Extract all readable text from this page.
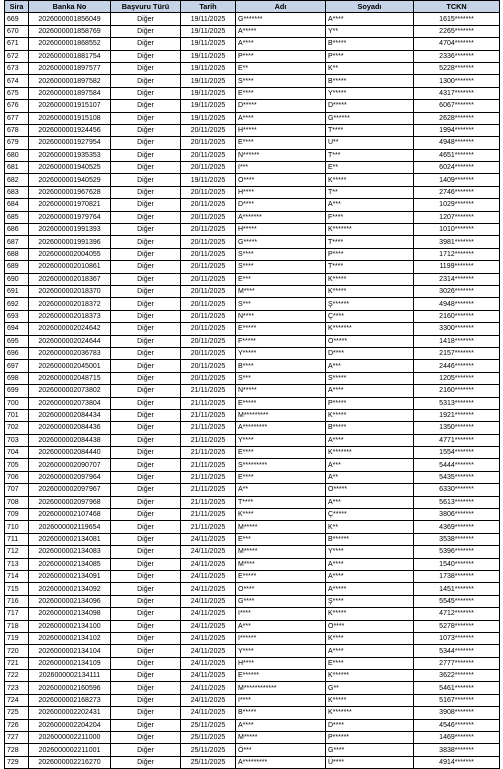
Sira	Banka No	Başvuru Türü	Tarih	Adı	Soyadı	TCKN
669	2026000001856049	Diğer	19/11/2025	G*******	A****	1615*******
670	2026000001858769	Diğer	19/11/2025	A*****	Y**	2265*******
671	2026000001868552	Diğer	19/11/2025	A****	B*****	4704*******
672	2026000001881754	Diğer	19/11/2025	P****	P****	2336*******
673	2026000001897577	Diğer	19/11/2025	E**	K**	5228*******
674	2026000001897582	Diğer	19/11/2025	S****	B*****	1300*******
675	2026000001897584	Diğer	19/11/2025	E****	Y*****	4317*******
676	2026000001915107	Diğer	19/11/2025	D*****	D*****	6067*******
677	2026000001915108	Diğer	19/11/2025	A****	G******	2628*******
678	2026000001924456	Diğer	20/11/2025	H*****	T****	1994*******
679	2026000001927954	Diğer	20/11/2025	E****	U**	4948*******
680	2026000001935353	Diğer	20/11/2025	N******	T***	4651*******
681	2026000001940525	Diğer	20/11/2025	I***	E**	6024*******
682	2026000001940529	Diğer	19/11/2025	O****	K*****	1409*******
683	2026000001967628	Diğer	20/11/2025	H****	T**	2746*******
684	2026000001970821	Diğer	20/11/2025	D****	A***	1029*******
685	2026000001979764	Diğer	20/11/2025	A*******	F****	1207*******
686	2026000001991393	Diğer	20/11/2025	H*****	K*******	1010*******
687	2026000001991396	Diğer	20/11/2025	G*****	T****	3981*******
688	2026000002004055	Diğer	20/11/2025	S****	P****	1712*******
689	2026000002010861	Diğer	20/11/2025	S****	T****	1199*******
690	2026000002018367	Diğer	20/11/2025	E***	K*****	2314*******
691	2026000002018370	Diğer	20/11/2025	M****	K*****	3026*******
692	2026000002018372	Diğer	20/11/2025	S***	Ş******	4948*******
693	2026000002018373	Diğer	20/11/2025	N****	Ç****	2160*******
694	2026000002024642	Diğer	20/11/2025	E*****	K*******	3300*******
695	2026000002024644	Diğer	20/11/2025	F*****	O*****	1418*******
696	2026000002036783	Diğer	20/11/2025	Y*****	D****	2157*******
697	2026000002045001	Diğer	20/11/2025	B****	A***	2446*******
698	2026000002048715	Diğer	20/11/2025	S***	S*****	1205*******
699	2026000002073802	Diğer	21/11/2025	N*****	A****	2160*******
700	2026000002073804	Diğer	21/11/2025	E*****	P*****	5313*******
701	2026000002084434	Diğer	21/11/2025	M*********	K*****	1921*******
702	2026000002084436	Diğer	21/11/2025	A*********	B*****	1350*******
703	2026000002084438	Diğer	21/11/2025	Y****	A****	4771*******
704	2026000002084440	Diğer	21/11/2025	E****	K*******	1554*******
705	2026000002090707	Diğer	21/11/2025	S*********	A***	5444*******
706	2026000002097964	Diğer	21/11/2025	E****	A**	5435*******
707	2026000002097967	Diğer	21/11/2025	A**	O*****	6330*******
708	2026000002097968	Diğer	21/11/2025	T****	A***	5613*******
709	2026000002107468	Diğer	21/11/2025	K****	Ç*****	3806*******
710	2026000002119654	Diğer	21/11/2025	M*****	K**	4369*******
711	2026000002134081	Diğer	24/11/2025	E***	B******	3538*******
712	2026000002134083	Diğer	24/11/2025	M*****	Y****	5396*******
713	2026000002134085	Diğer	24/11/2025	M****	A****	1540*******
714	2026000002134091	Diğer	24/11/2025	E*****	A****	1738*******
715	2026000002134092	Diğer	24/11/2025	O****	A*****	1451*******
716	2026000002134096	Diğer	24/11/2025	G****	Ş****	5545*******
717	2026000002134098	Diğer	24/11/2025	I****	K*****	4712*******
718	2026000002134100	Diğer	24/11/2025	A***	O****	5278*******
719	2026000002134102	Diğer	24/11/2025	I******	K****	1073*******
720	2026000002134104	Diğer	24/11/2025	Y****	A****	5344*******
721	2026000002134109	Diğer	24/11/2025	H****	E****	2777*******
722	2026000002134111	Diğer	24/11/2025	E******	K******	3622*******
723	2026000002160596	Diğer	24/11/2025	M************	G**	5461*******
724	2026000002168273	Diğer	24/11/2025	I****	K*****	5167*******
725	2026000002202431	Diğer	24/11/2025	B*****	K*******	3908*******
726	2026000002204204	Diğer	25/11/2025	A****	D****	4546*******
727	2026000002211000	Diğer	25/11/2025	M*****	P******	1469*******
728	2026000002211001	Diğer	25/11/2025	Ö***	G****	3838*******
729	2026000002216270	Diğer	25/11/2025	A*********	Ü****	4914*******
